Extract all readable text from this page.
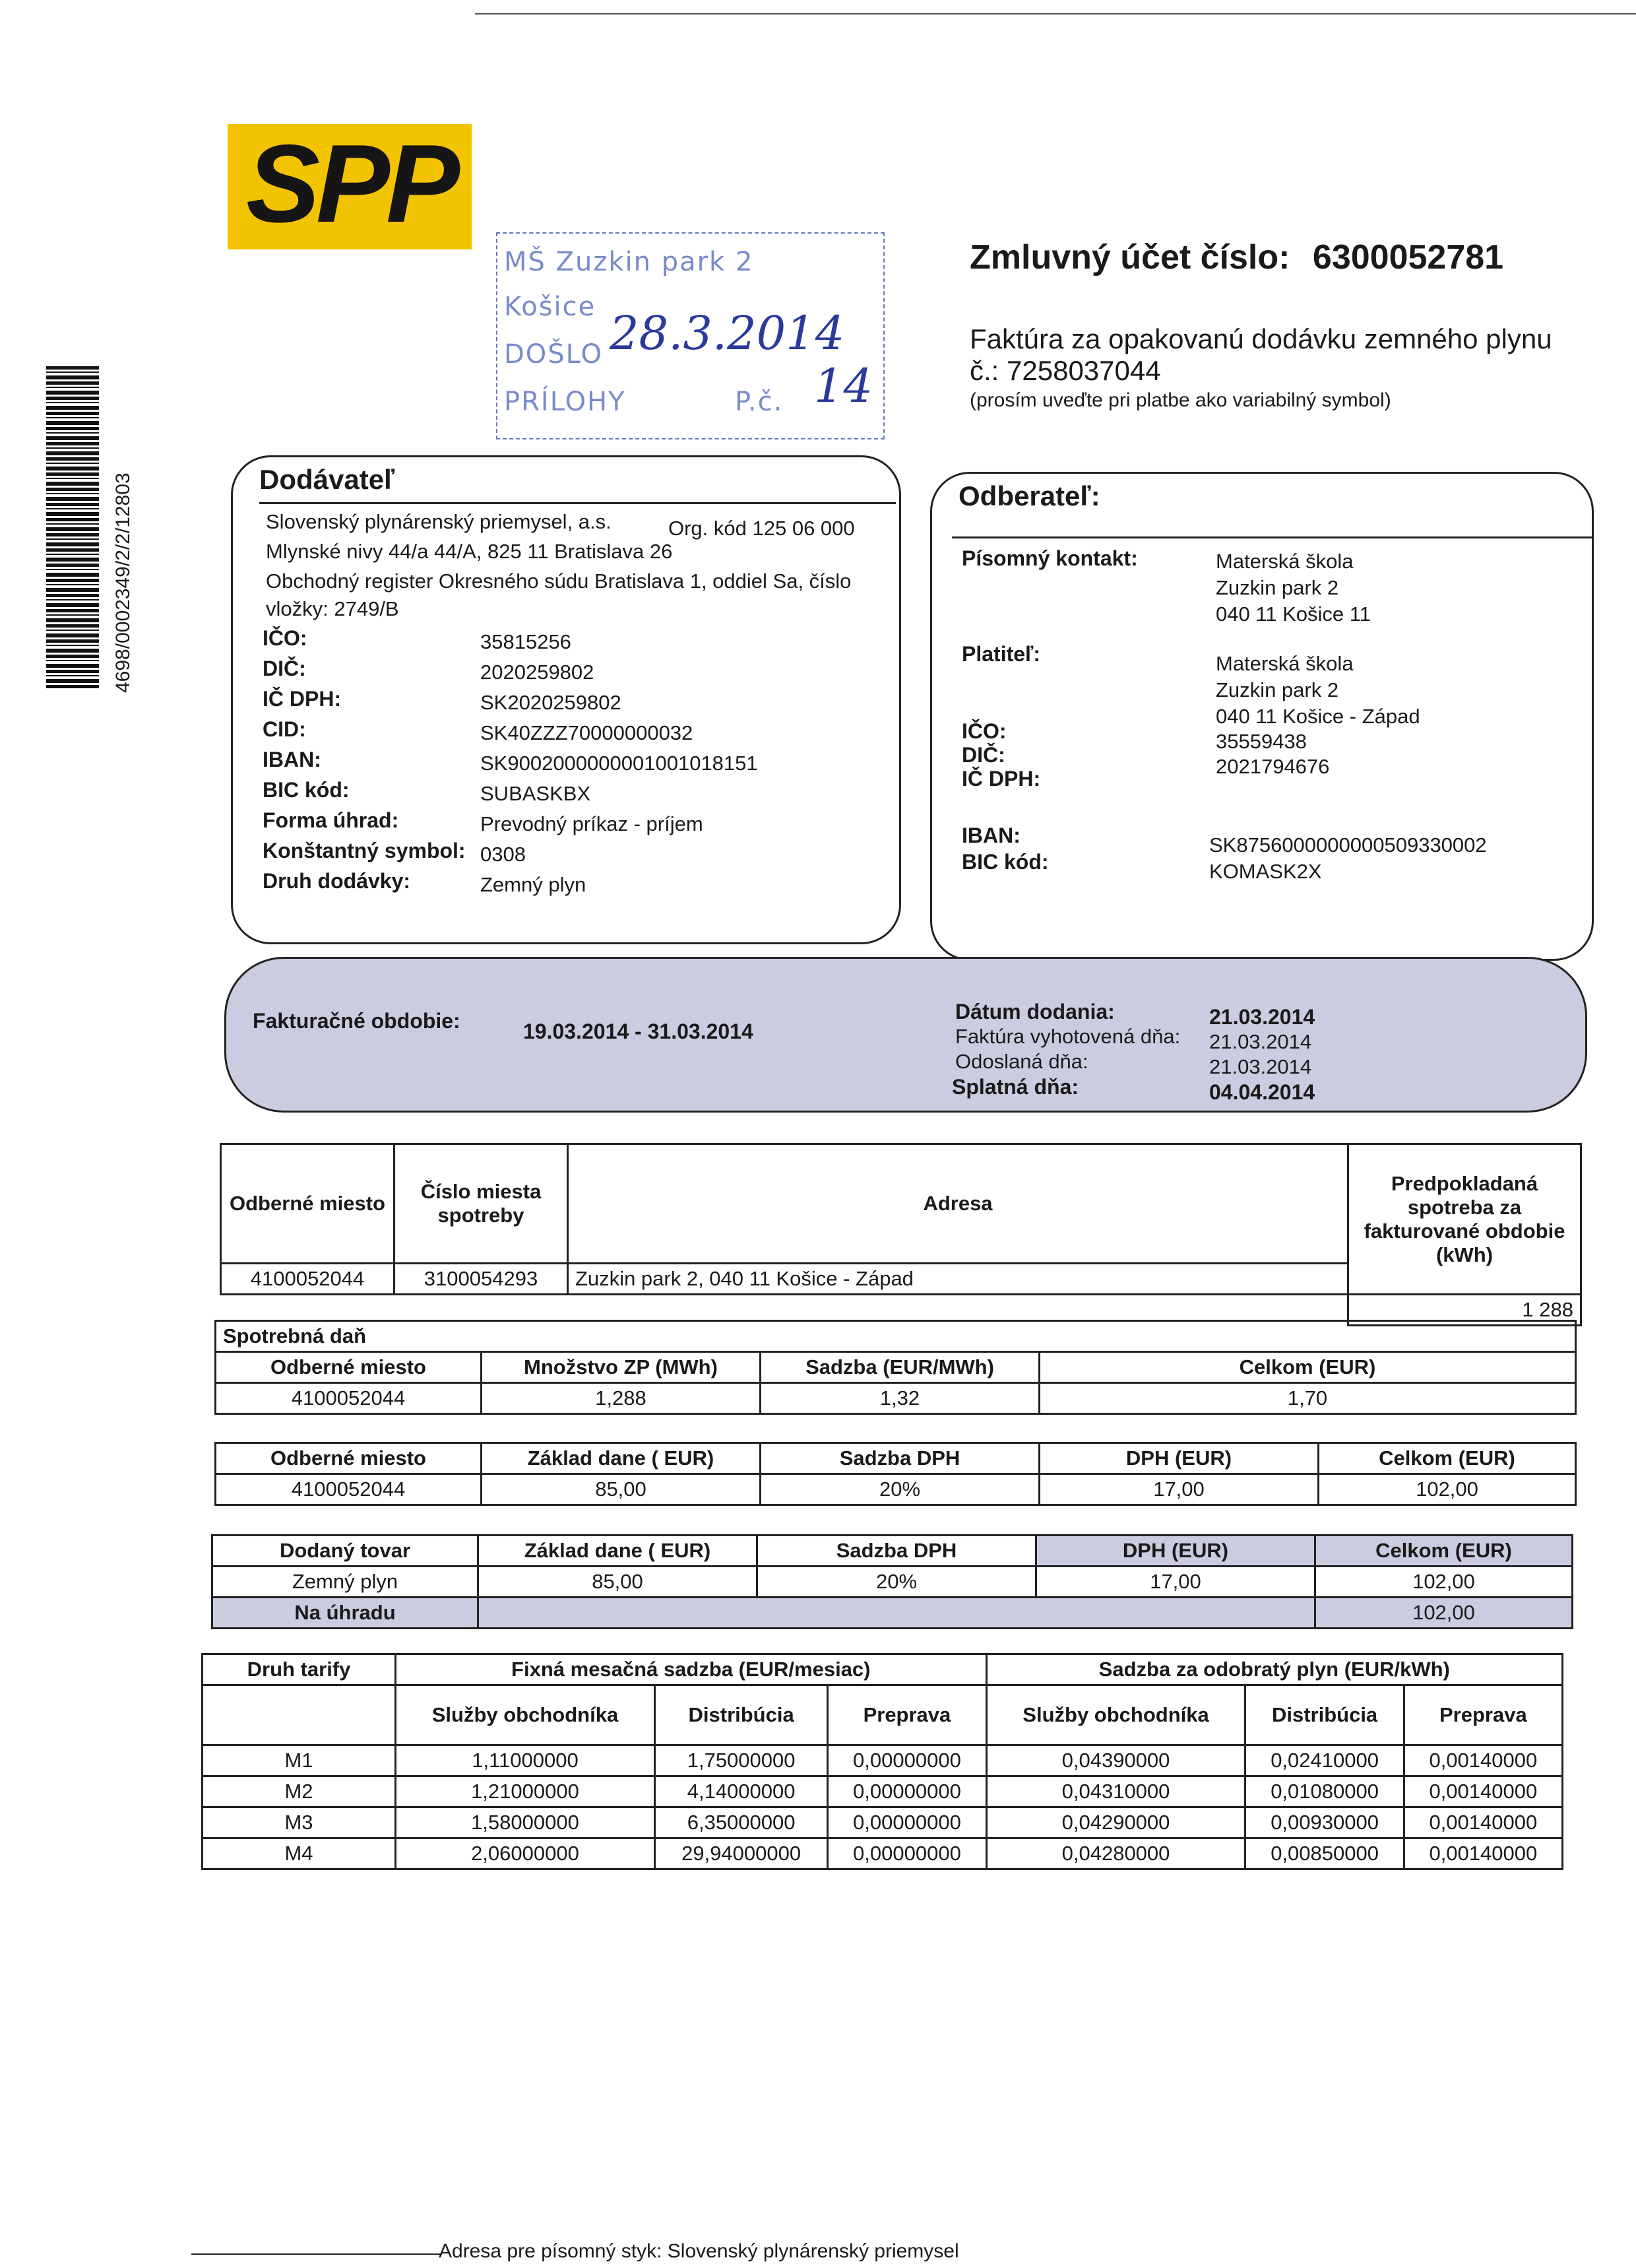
SPP
MŠ Zuzkin park 2
Košice
DOŠLO 28.3.2014
PRÍLOHY	P.č. 14
Zmluvný účet číslo: 6300052781
Faktúra za opakovanú dodávku zemného plynu
č.: 7258037044
(prosím uveďte pri platbe ako variabilný symbol)
4698/0002349/2/2/12803	Dodávateľ
Slovenský plynárenský priemysel, a.s.	Org. kód 125 06 000
Mlynské nivy 44/a 44/A, 825 11 Bratislava 26
Obchodný register Okresného súdu Bratislava 1, oddiel Sa, číslo
vložky: 2749/B
IČO:	35815256
DIČ:	2020259802
IČ DPH:	SK2020259802
CID:	SK40ZZZ70000000032
IBAN:	SK9002000000001001018151
BIC kód:	SUBASKBX
Forma úhrad:	Prevodný príkaz - príjem
Konštantný symbol: 0308
Druh dodávky:	Zemný plyn
Odberateľ:
Písomný kontakt:	Materská škola
Zuzkin park 2
040 11 Košice 11
Platiteľ:	Materská škola
Zuzkin park 2
040 11 Košice - Západ
IČO:	35559438
DIČ:	2021794676
IČ DPH:
IBAN:	SK8756000000000509330002
BIC kód:	KOMASK2X
Fakturačné obdobie:	19.03.2014 - 31.03.2014
Dátum dodania:	21.03.2014
Faktúra vyhotovená dňa: 21.03.2014
Odoslaná dňa:	21.03.2014
Splatná dňa:	04.04.2014
Odberné miesto	Číslo miesta spotreby	Adresa	Predpokladaná spotreba za fakturované obdobie (kWh)
4100052044	3100054293	Zuzkin park 2, 040 11 Košice - Západ	
			1 288
Spotrebná daň			
Odberné miesto	Množstvo ZP (MWh)	Sadzba (EUR/MWh)	Celkom (EUR)
4100052044	1,288	1,32	1,70
Odberné miesto	Základ dane ( EUR)	Sadzba DPH	DPH (EUR)	Celkom (EUR)
4100052044	85,00	20%	17,00	102,00
Dodaný tovar	Základ dane ( EUR)	Sadzba DPH	DPH (EUR)	Celkom (EUR)
Zemný plyn	85,00	20%	17,00	102,00
Na úhradu				102,00
Druh tarify	Fixná mesačná sadzba (EUR/mesiac)			Sadzba za odobratý plyn (EUR/kWh)		
	Služby obchodníka	Distribúcia	Preprava	Služby obchodníka	Distribúcia	Preprava
M1	1,11000000	1,75000000	0,00000000	0,04390000	0,02410000	0,00140000
M2	1,21000000	4,14000000	0,00000000	0,04310000	0,01080000	0,00140000
M3	1,58000000	6,35000000	0,00000000	0,04290000	0,00930000	0,00140000
M4	2,06000000	29,94000000	0,00000000	0,04280000	0,00850000	0,00140000
Adresa pre písomný styk: Slovenský plynárenský priemysel
